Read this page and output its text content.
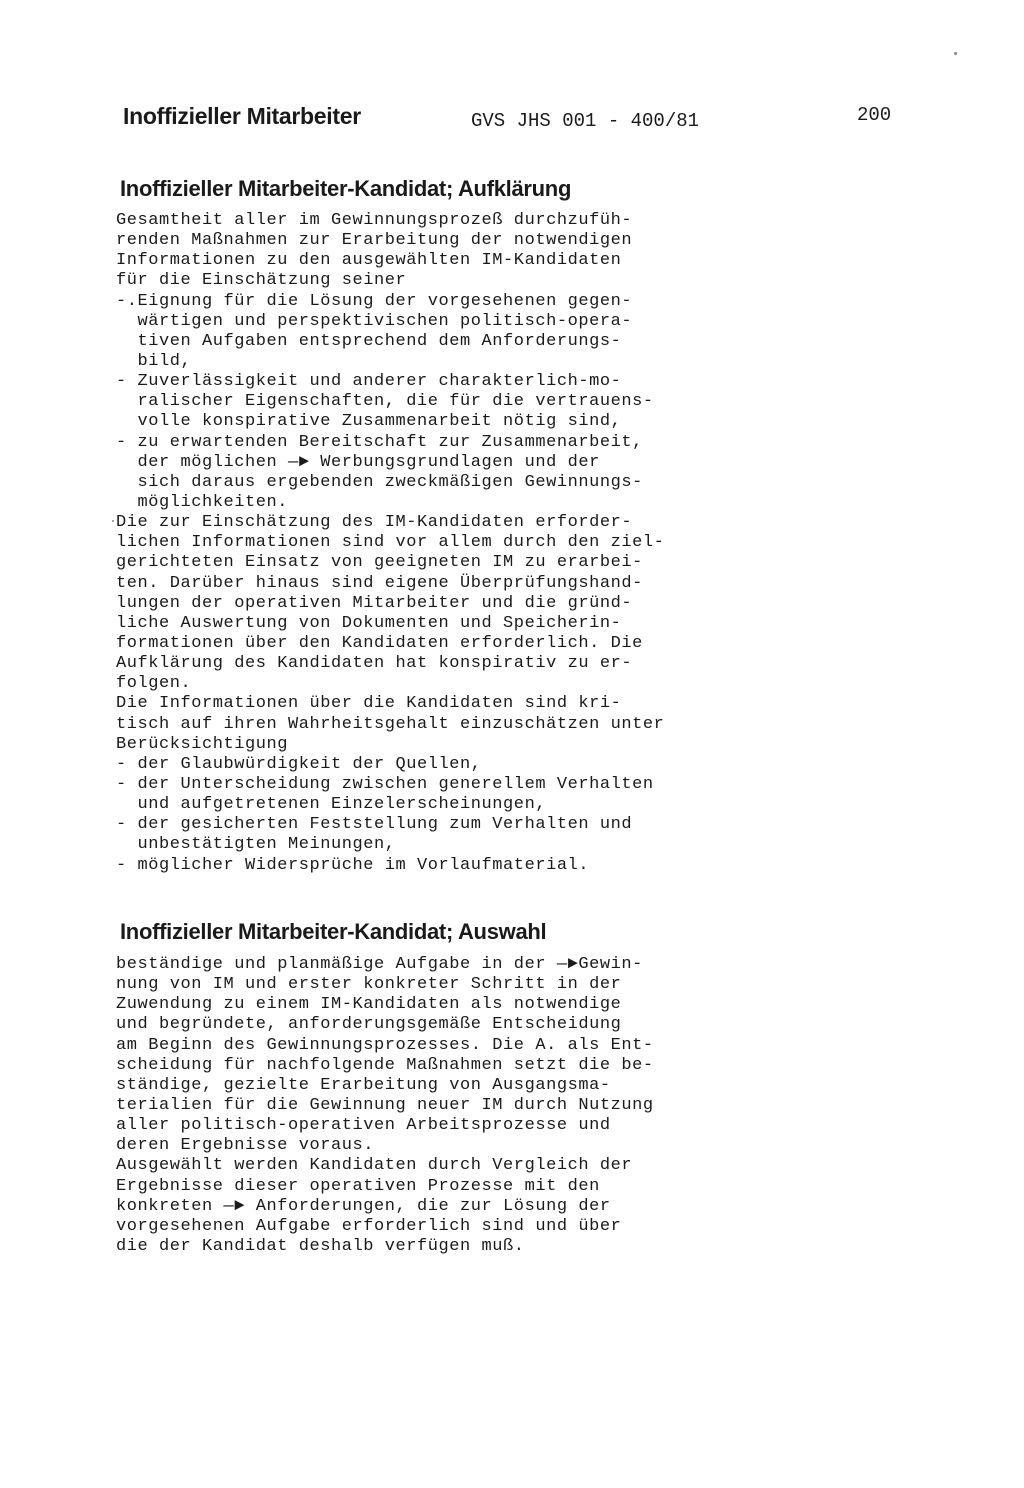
Inoffizieller Mitarbeiter	GVS JHS 001 - 400/81	200
Inoffizieller Mitarbeiter-Kandidat; Aufklärung
Gesamtheit aller im Gewinnungsprozeß durchzufüh-
renden Maßnahmen zur Erarbeitung der notwendigen
Informationen zu den ausgewählten IM-Kandidaten
für die Einschätzung seiner
-.Eignung für die Lösung der vorgesehenen gegen-
wärtigen und perspektivischen politisch-opera-
tiven Aufgaben entsprechend dem Anforderungs-
bild,
- Zuverlässigkeit und anderer charakterlich-mo-
ralischer Eigenschaften, die für die vertrauens-
volle konspirative Zusammenarbeit nötig sind,
- zu erwartenden Bereitschaft zur Zusammenarbeit,
der möglichen —► Werbungsgrundlagen und der
sich daraus ergebenden zweckmäßigen Gewinnungs-
möglichkeiten.
Die zur Einschätzung des IM-Kandidaten erforder-
lichen Informationen sind vor allem durch den ziel-
gerichteten Einsatz von geeigneten IM zu erarbei-
ten. Darüber hinaus sind eigene Überprüfungshand-
lungen der operativen Mitarbeiter und die gründ-
liche Auswertung von Dokumenten und Speicherin-
formationen über den Kandidaten erforderlich. Die
Aufklärung des Kandidaten hat konspirativ zu er-
folgen.
Die Informationen über die Kandidaten sind kri-
tisch auf ihren Wahrheitsgehalt einzuschätzen unter
Berücksichtigung
- der Glaubwürdigkeit der Quellen,
- der Unterscheidung zwischen generellem Verhalten
und aufgetretenen Einzelerscheinungen,
- der gesicherten Feststellung zum Verhalten und
unbestätigten Meinungen,
- möglicher Widersprüche im Vorlaufmaterial.
Inoffizieller Mitarbeiter-Kandidat; Auswahl
beständige und planmäßige Aufgabe in der —►Gewin-
nung von IM und erster konkreter Schritt in der
Zuwendung zu einem IM-Kandidaten als notwendige
und begründete, anforderungsgemäße Entscheidung
am Beginn des Gewinnungsprozesses. Die A. als Ent-
scheidung für nachfolgende Maßnahmen setzt die be-
ständige, gezielte Erarbeitung von Ausgangsma-
terialien für die Gewinnung neuer IM durch Nutzung
aller politisch-operativen Arbeitsprozesse und
deren Ergebnisse voraus.
Ausgewählt werden Kandidaten durch Vergleich der
Ergebnisse dieser operativen Prozesse mit den
konkreten —► Anforderungen, die zur Lösung der
vorgesehenen Aufgabe erforderlich sind und über
die der Kandidat deshalb verfügen muß.
